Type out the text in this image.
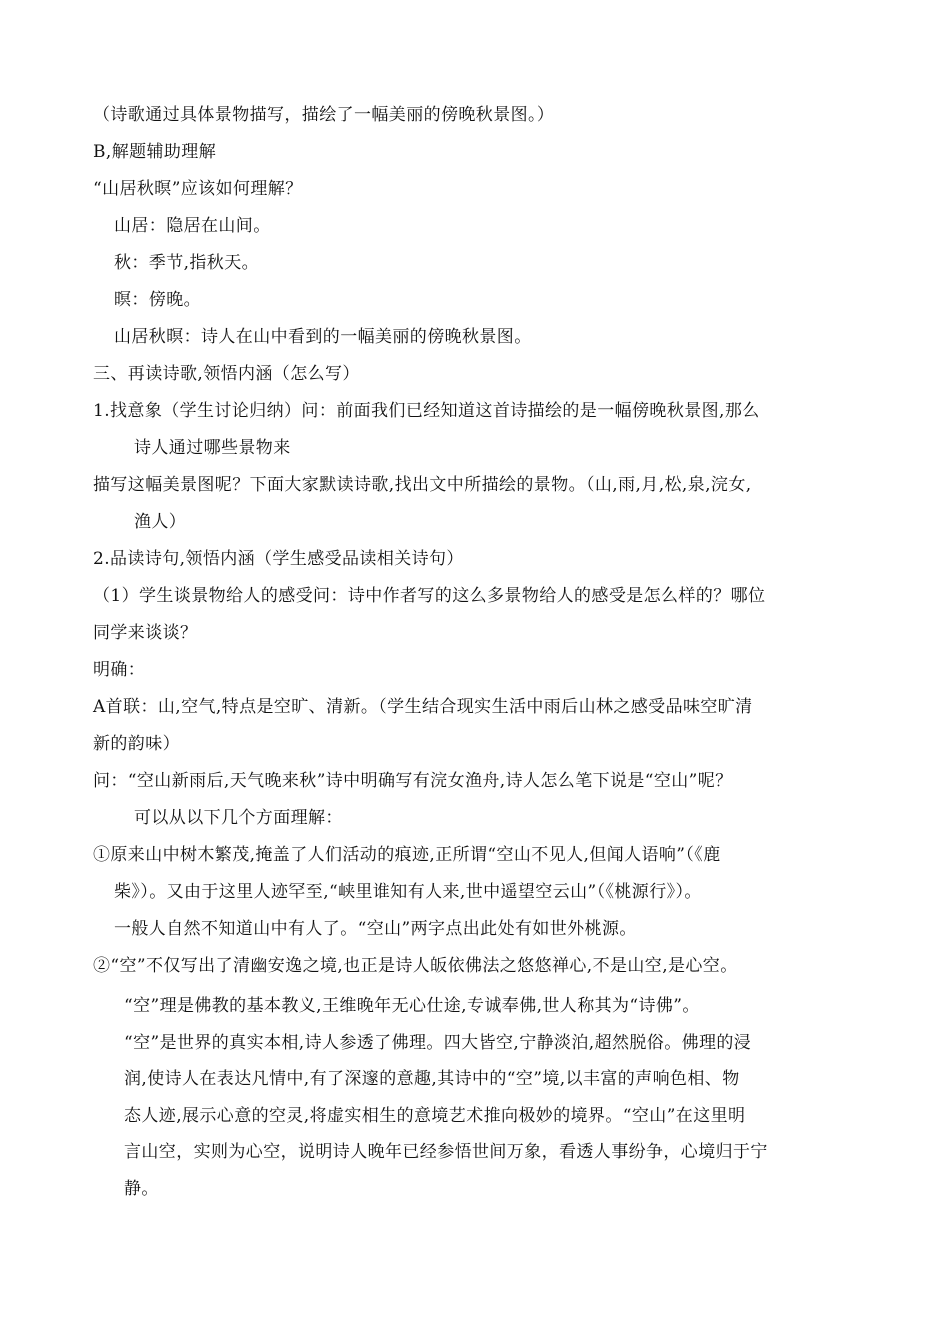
（诗歌通过具体景物描写，描绘了一幅美丽的傍晚秋景图。）
B,解题辅助理解
“山居秋暝”应该如何理解？
山居：隐居在山间。
秋：季节,指秋天。
暝：傍晚。
山居秋暝：诗人在山中看到的一幅美丽的傍晚秋景图。
三、再读诗歌,领悟内涵（怎么写）
1.找意象（学生讨论归纳）问：前面我们已经知道这首诗描绘的是一幅傍晚秋景图,那么
诗人通过哪些景物来
描写这幅美景图呢？下面大家默读诗歌,找出文中所描绘的景物。（山,雨,月,松,泉,浣女,
渔人）
2.品读诗句,领悟内涵（学生感受品读相关诗句）
（1）学生谈景物给人的感受问：诗中作者写的这么多景物给人的感受是怎么样的？哪位
同学来谈谈？
明确：
A首联：山,空气,特点是空旷、清新。（学生结合现实生活中雨后山林之感受品味空旷清
新的韵味）
问：“空山新雨后,天气晚来秋”诗中明确写有浣女渔舟,诗人怎么笔下说是“空山”呢？
可以从以下几个方面理解：
①原来山中树木繁茂,掩盖了人们活动的痕迹,正所谓“空山不见人,但闻人语响”（《鹿
柴》）。又由于这里人迹罕至,“峡里谁知有人来,世中遥望空云山”（《桃源行》）。
一般人自然不知道山中有人了。“空山”两字点出此处有如世外桃源。
②“空”不仅写出了清幽安逸之境,也正是诗人皈依佛法之悠悠禅心,不是山空,是心空。
“空”理是佛教的基本教义,王维晚年无心仕途,专诚奉佛,世人称其为“诗佛”。
“空”是世界的真实本相,诗人参透了佛理。四大皆空,宁静淡泊,超然脱俗。佛理的浸
润,使诗人在表达凡情中,有了深邃的意趣,其诗中的“空”境,以丰富的声响色相、物
态人迹,展示心意的空灵,将虚实相生的意境艺术推向极妙的境界。“空山”在这里明
言山空，实则为心空，说明诗人晚年已经参悟世间万象，看透人事纷争，心境归于宁
静。
